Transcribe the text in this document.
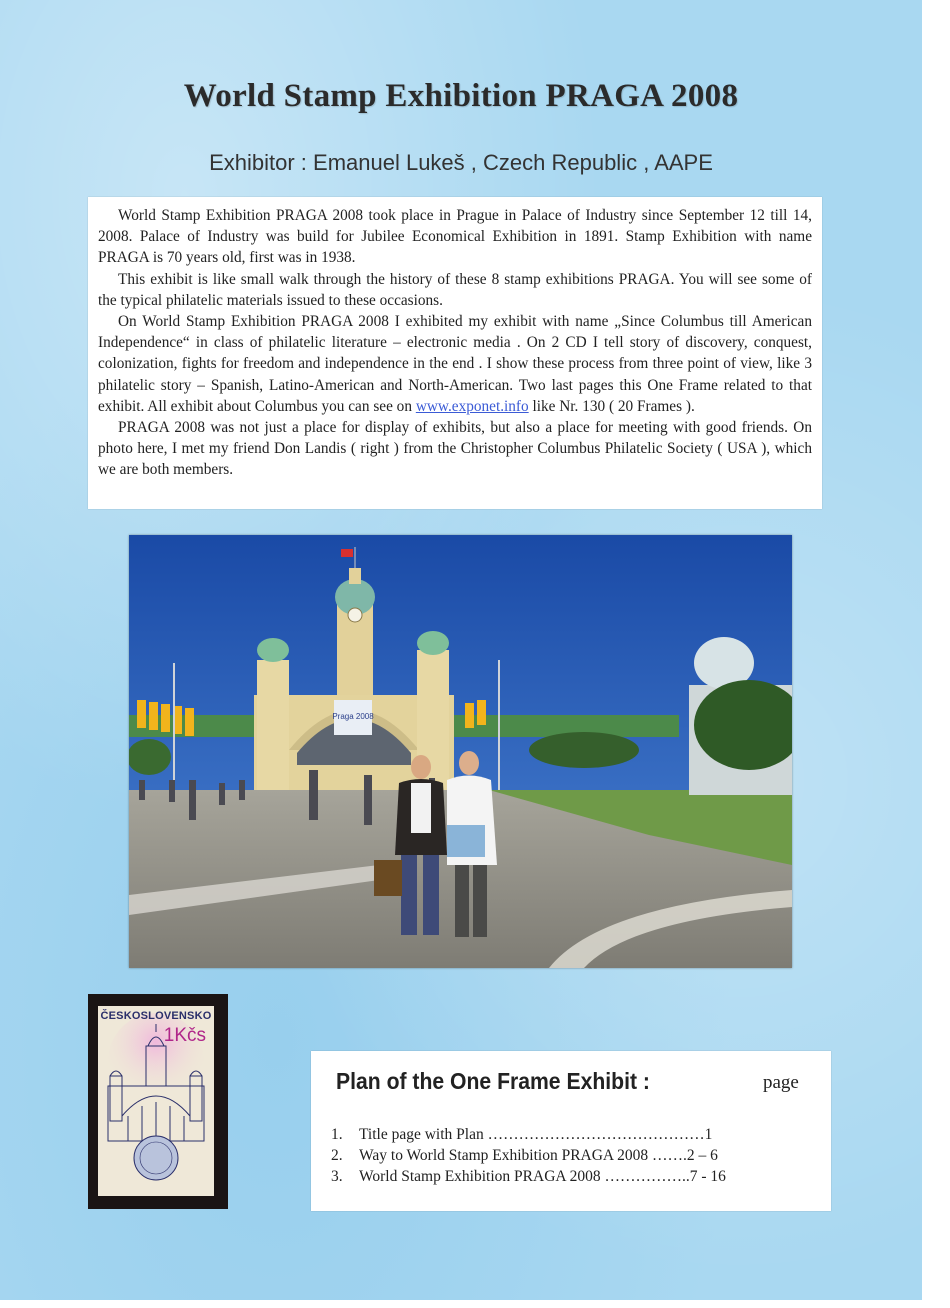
World Stamp Exhibition PRAGA 2008
Exhibitor : Emanuel Lukeš , Czech Republic , AAPE

World Stamp Exhibition PRAGA 2008 took place in Prague in Palace of Industry since September 12 till 14, 2008. Palace of Industry was build for Jubilee Economical Exhibition in 1891. Stamp Exhibition with name PRAGA is 70 years old, first was in 1938.

This exhibit is like small walk through the history of these 8 stamp exhibitions PRAGA. You will see some of the typical philatelic materials issued to these occasions.

On World Stamp Exhibition PRAGA 2008 I exhibited my exhibit with name „Since Columbus till American Independence“ in class of philatelic literature – electronic media . On 2 CD I tell story of discovery, conquest, colonization, fights for freedom and independence in the end . I show these process from three point of view, like 3 philatelic story – Spanish, Latino-American and North-American. Two last pages this One Frame related to that exhibit. All exhibit about Columbus you can see on www.exponet.info like Nr. 130 ( 20 Frames ).

PRAGA 2008 was not just a place for display of exhibits, but also a place for meeting with good friends. On photo here, I met my friend Don Landis ( right ) from the Christopher Columbus Philatelic Society ( USA ), which we are both members.

Praga 2008
ČESKOSLOVENSKO
1Kčs
Plan of the One Frame Exhibit :	page
1. Title page with Plan ……………………………………1
2. Way to World Stamp Exhibition PRAGA 2008 …….2 – 6
3. World Stamp Exhibition PRAGA 2008 ……………..7 - 16
